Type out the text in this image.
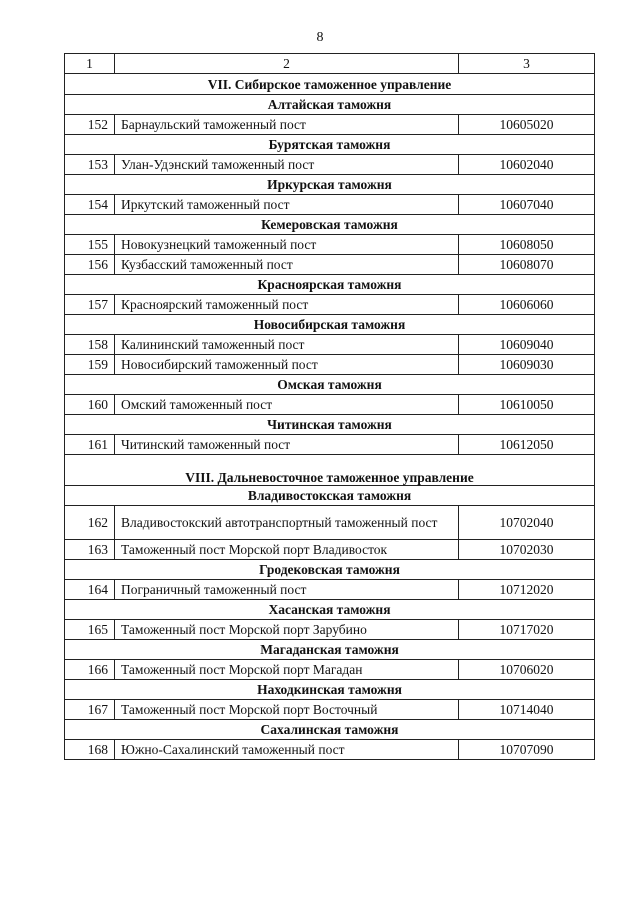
8
1	2	3
VII. Сибирское таможенное управление		
Алтайская таможня		
152	Барнаульский таможенный пост	10605020
Бурятская таможня		
153	Улан-Удэнский таможенный пост	10602040
Иркурская таможня		
154	Иркутский таможенный пост	10607040
Кемеровская таможня		
155	Новокузнецкий таможенный пост	10608050
156	Кузбасский таможенный пост	10608070
Красноярская таможня		
157	Красноярский таможенный пост	10606060
Новосибирская таможня		
158	Калининский таможенный пост	10609040
159	Новосибирский таможенный пост	10609030
Омская таможня		
160	Омский таможенный пост	10610050
Читинская таможня		
161	Читинский таможенный пост	10612050
VIII. Дальневосточное таможенное управление		
Владивостокская таможня		
162	Владивостокский автотранспортный таможенный пост	10702040
163	Таможенный пост Морской порт Владивосток	10702030
Гродековская таможня		
164	Пограничный таможенный пост	10712020
Хасанская таможня		
165	Таможенный пост Морской порт Зарубино	10717020
Магаданская таможня		
166	Таможенный пост Морской порт Магадан	10706020
Находкинская таможня		
167	Таможенный пост Морской порт Восточный	10714040
Сахалинская таможня		
168	Южно-Сахалинский таможенный пост	10707090
